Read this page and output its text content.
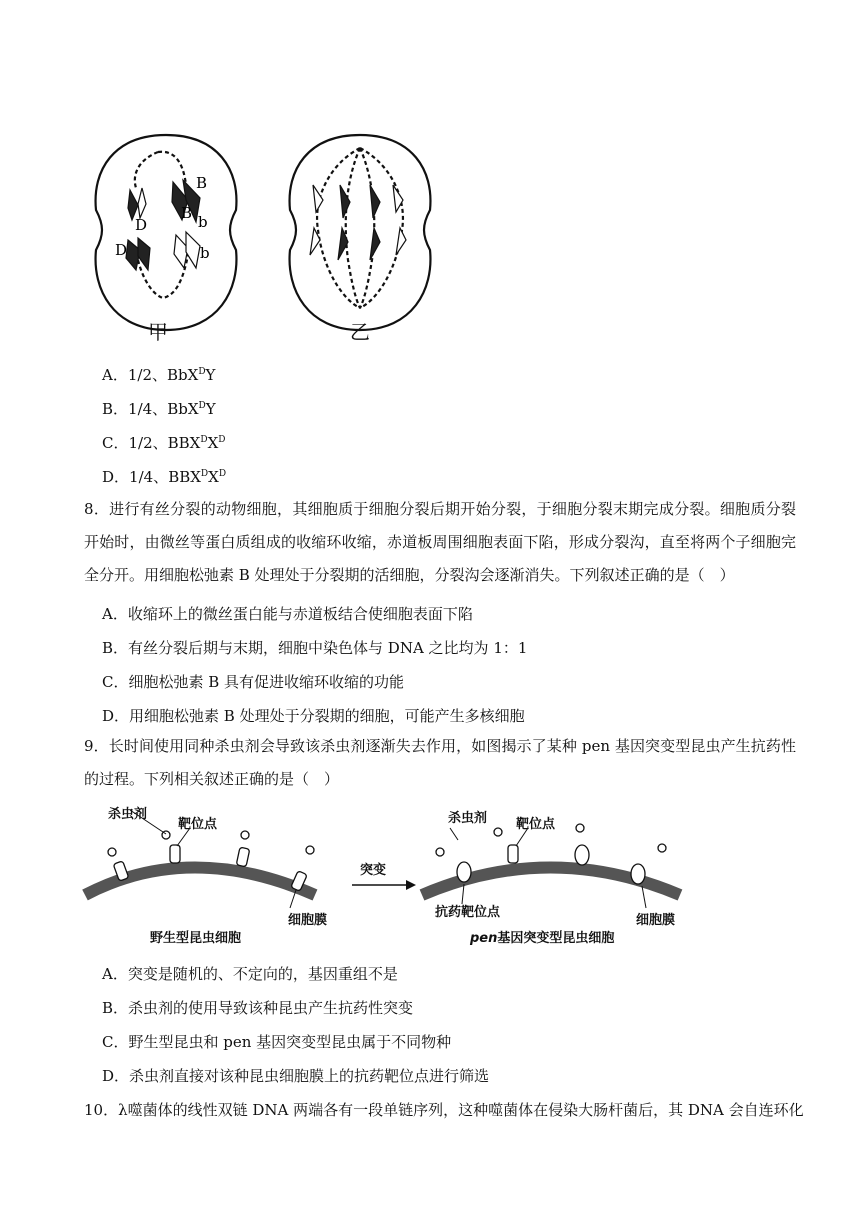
B
B b
D
D	b
甲	乙
A．1/2、BbX$^D$Y
B．1/4、BbX$^D$Y
C．1/2、$BBX^DX^D$
D．1/4、$BBX^DX^D$
8．进行有丝分裂的动物细胞，其细胞质于细胞分裂后期开始分裂，于细胞分裂末期完成分裂。细胞质分裂开始时，由微丝等蛋白质组成的收缩环收缩，赤道板周围细胞表面下陷，形成分裂沟，直至将两个子细胞完全分开。用细胞松弛素 B 处理处于分裂期的活细胞，分裂沟会逐渐消失。下列叙述正确的是（　）
A．收缩环上的微丝蛋白能与赤道板结合使细胞表面下陷
B．有丝分裂后期与末期，细胞中染色体与 DNA 之比均为 1：1
C．细胞松弛素 B 具有促进收缩环收缩的功能
D．用细胞松弛素 B 处理处于分裂期的细胞，可能产生多核细胞
9．长时间使用同种杀虫剂会导致该杀虫剂逐渐失去作用，如图揭示了某种 pen 基因突变型昆虫产生抗药性的过程。下列相关叙述正确的是（　）
杀虫剂
靶位点
细胞膜
野生型昆虫细胞
突变
杀虫剂 靶位点
抗药靶位点
细胞膜
pen基因突变型昆虫细胞
A．突变是随机的、不定向的，基因重组不是
B．杀虫剂的使用导致该种昆虫产生抗药性突变
C．野生型昆虫和 pen 基因突变型昆虫属于不同物种
D．杀虫剂直接对该种昆虫细胞膜上的抗药靶位点进行筛选
10．λ噬菌体的线性双链 DNA 两端各有一段单链序列，这种噬菌体在侵染大肠杆菌后，其 DNA 会自连环化
